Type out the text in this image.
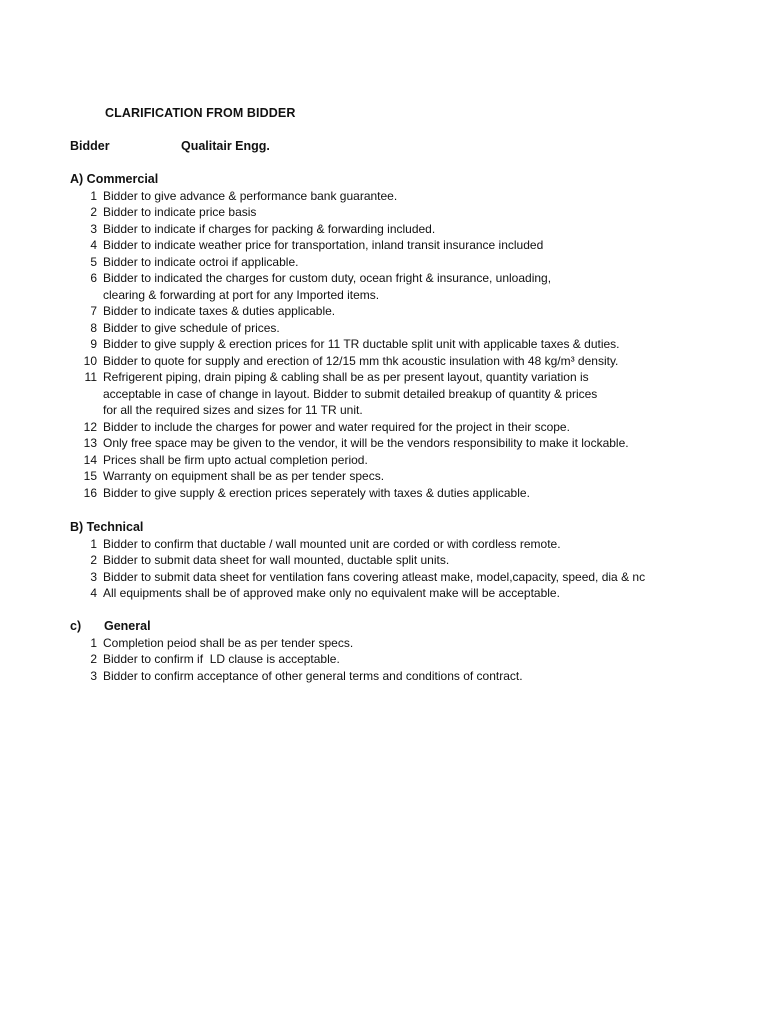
CLARIFICATION FROM BIDDER
Bidder	Qualitair Engg.
A) Commercial
1 Bidder to give advance & performance bank guarantee.
2 Bidder to indicate price basis
3 Bidder to indicate if charges for packing & forwarding included.
4 Bidder to indicate weather price for transportation, inland transit insurance included
5 Bidder to indicate octroi if applicable.
6 Bidder to indicated the charges for custom duty, ocean fright & insurance, unloading,
clearing & forwarding at port for any Imported items.
7 Bidder to indicate taxes & duties applicable.
8 Bidder to give schedule of prices.
9 Bidder to give supply & erection prices for 11 TR ductable split unit with applicable taxes & duties.
10 Bidder to quote for supply and erection of 12/15 mm thk acoustic insulation with 48 kg/m³ density.
11 Refrigerent piping, drain piping & cabling shall be as per present layout, quantity variation is
acceptable in case of change in layout. Bidder to submit detailed breakup of quantity & prices
for all the required sizes and sizes for 11 TR unit.
12 Bidder to include the charges for power and water required for the project in their scope.
13 Only free space may be given to the vendor, it will be the vendors responsibility to make it lockable.
14 Prices shall be firm upto actual completion period.
15 Warranty on equipment shall be as per tender specs.
16 Bidder to give supply & erection prices seperately with taxes & duties applicable.
B) Technical
1 Bidder to confirm that ductable / wall mounted unit are corded or with cordless remote.
2 Bidder to submit data sheet for wall mounted, ductable split units.
3 Bidder to submit data sheet for ventilation fans covering atleast make, model,capacity, speed, dia & nc
4 All equipments shall be of approved make only no equivalent make will be acceptable.
c) General
1 Completion peiod shall be as per tender specs.
2 Bidder to confirm if  LD clause is acceptable.
3 Bidder to confirm acceptance of other general terms and conditions of contract.
